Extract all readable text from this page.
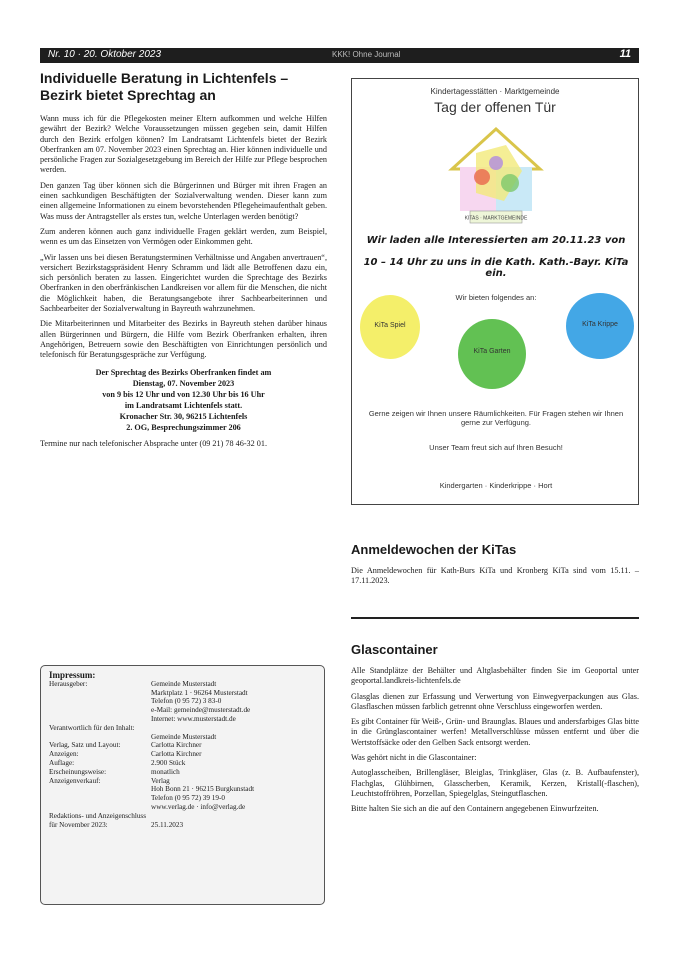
Nr. 10 · 20. Oktober 2023	KKK! Ohne Journal	11
Individuelle Beratung in Lichtenfels – Bezirk bietet Sprechtag an

Wann muss ich für die Pflegekosten meiner Eltern aufkommen und welche Hilfen gewährt der Bezirk? Welche Voraussetzungen müssen gegeben sein, damit Hilfen durch den Bezirk erfolgen können? Im Landratsamt Lichtenfels bietet der Bezirk Oberfranken am 07. November 2023 einen Sprechtag an. Hier können individuelle und persönliche Fragen zur Sozialgesetzgebung im Bereich der Hilfe zur Pflege besprochen werden.

Den ganzen Tag über können sich die Bürgerinnen und Bürger mit ihren Fragen an einen sachkundigen Beschäftigten der Sozialverwaltung wenden. Dieser kann zum einen allgemeine Informationen zu einem bevorstehenden Pflegeheimaufenthalt geben. Was muss der Antragsteller als erstes tun, welche Unterlagen werden benötigt?

Zum anderen können auch ganz individuelle Fragen geklärt werden, zum Beispiel, wenn es um das Einsetzen von Vermögen oder Einkommen geht.

„Wir lassen uns bei diesen Beratungsterminen Verhältnisse und Angaben anvertrauen“, versichert Bezirkstagspräsident Henry Schramm und lädt alle Betroffenen dazu ein, sich persönlich beraten zu lassen. Eingerichtet wurden die Sprechtage des Bezirks Oberfranken in den oberfränkischen Landkreisen vor allem für die Menschen, die nicht die Möglichkeit haben, die Beratungsangebote ihrer Sachbearbeiterinnen und Sachbearbeiter der Sozialverwaltung in Bayreuth wahrzunehmen.

Die Mitarbeiterinnen und Mitarbeiter des Bezirks in Bayreuth stehen darüber hinaus allen Bürgerinnen und Bürgern, die Hilfe vom Bezirk Oberfranken erhalten, ihren Angehörigen, Betreuern sowie den Beschäftigten von Einrichtungen persönlich und telefonisch für Beratungsgespräche zur Verfügung.

Der Sprechtag des Bezirks Oberfranken findet am
Dienstag, 07. November 2023
von 9 bis 12 Uhr und von 12.30 Uhr bis 16 Uhr
im Landratsamt Lichtenfels statt.
Kronacher Str. 30, 96215 Lichtenfels
2. OG, Besprechungszimmer 206

Termine nur nach telefonischer Absprache unter (09 21) 78 46-32 01.

Impressum:
Herausgeber:	Gemeinde Musterstadt
Marktplatz 1 · 96264 Musterstadt
Telefon (0 95 72) 3 83-0
e-Mail: gemeinde@musterstadt.de
Internet: www.musterstadt.de
Verantwortlich für den Inhalt:
Gemeinde Musterstadt
Verlag, Satz und Layout:	Carlotta Kirchner
Anzeigen:	Carlotta Kirchner
Auflage:	2.900 Stück
Erscheinungsweise:	monatlich
Anzeigenverkauf:	Verlag
Hoh Bonn 21 · 96215 Burgkunstadt
Telefon (0 95 72) 39 19-0
www.verlag.de · info@verlag.de
Redaktions- und Anzeigenschluss
für November 2023:	25.11.2023
Kindertagesstätten · Marktgemeinde
Tag der offenen Tür
KITAS · MARKTGEMEINDE
Wir laden alle Interessierten am 20.11.23 von
10 – 14 Uhr zu uns in die Kath. Kath.-Bayr. KiTa ein.
Wir bieten folgendes an:
KiTa Spiel
KiTa Garten
KiTa Krippe
Gerne zeigen wir Ihnen unsere Räumlichkeiten. Für Fragen stehen wir Ihnen gerne zur Verfügung.
Unser Team freut sich auf Ihren Besuch!
Kindergarten · Kinderkrippe · Hort
Anmeldewochen der KiTas

Die Anmeldewochen für Kath-Burs KiTa und Kronberg KiTa sind vom 15.11. – 17.11.2023.

Glascontainer

Alle Standplätze der Behälter und Altglasbehälter finden Sie im Geoportal unter geoportal.landkreis-lichtenfels.de

Glasglas dienen zur Erfassung und Verwertung von Einwegverpackungen aus Glas. Glasflaschen müssen farblich getrennt ohne Verschluss eingeworfen werden.

Es gibt Container für Weiß-, Grün- und Braunglas. Blaues und andersfarbiges Glas bitte in die Grünglascontainer werfen! Metallverschlüsse müssen entfernt und über die Wertstoffsäcke oder den Gelben Sack entsorgt werden.

Was gehört nicht in die Glascontainer:

Autoglasscheiben, Brillengläser, Bleiglas, Trinkgläser, Glas (z. B. Aufbaufenster), Flachglas, Glühbirnen, Glasscherben, Keramik, Kerzen, Kristall(-flaschen), Leuchtstoffröhren, Porzellan, Spiegelglas, Steingutflaschen.

Bitte halten Sie sich an die auf den Containern angegebenen Einwurfzeiten.
